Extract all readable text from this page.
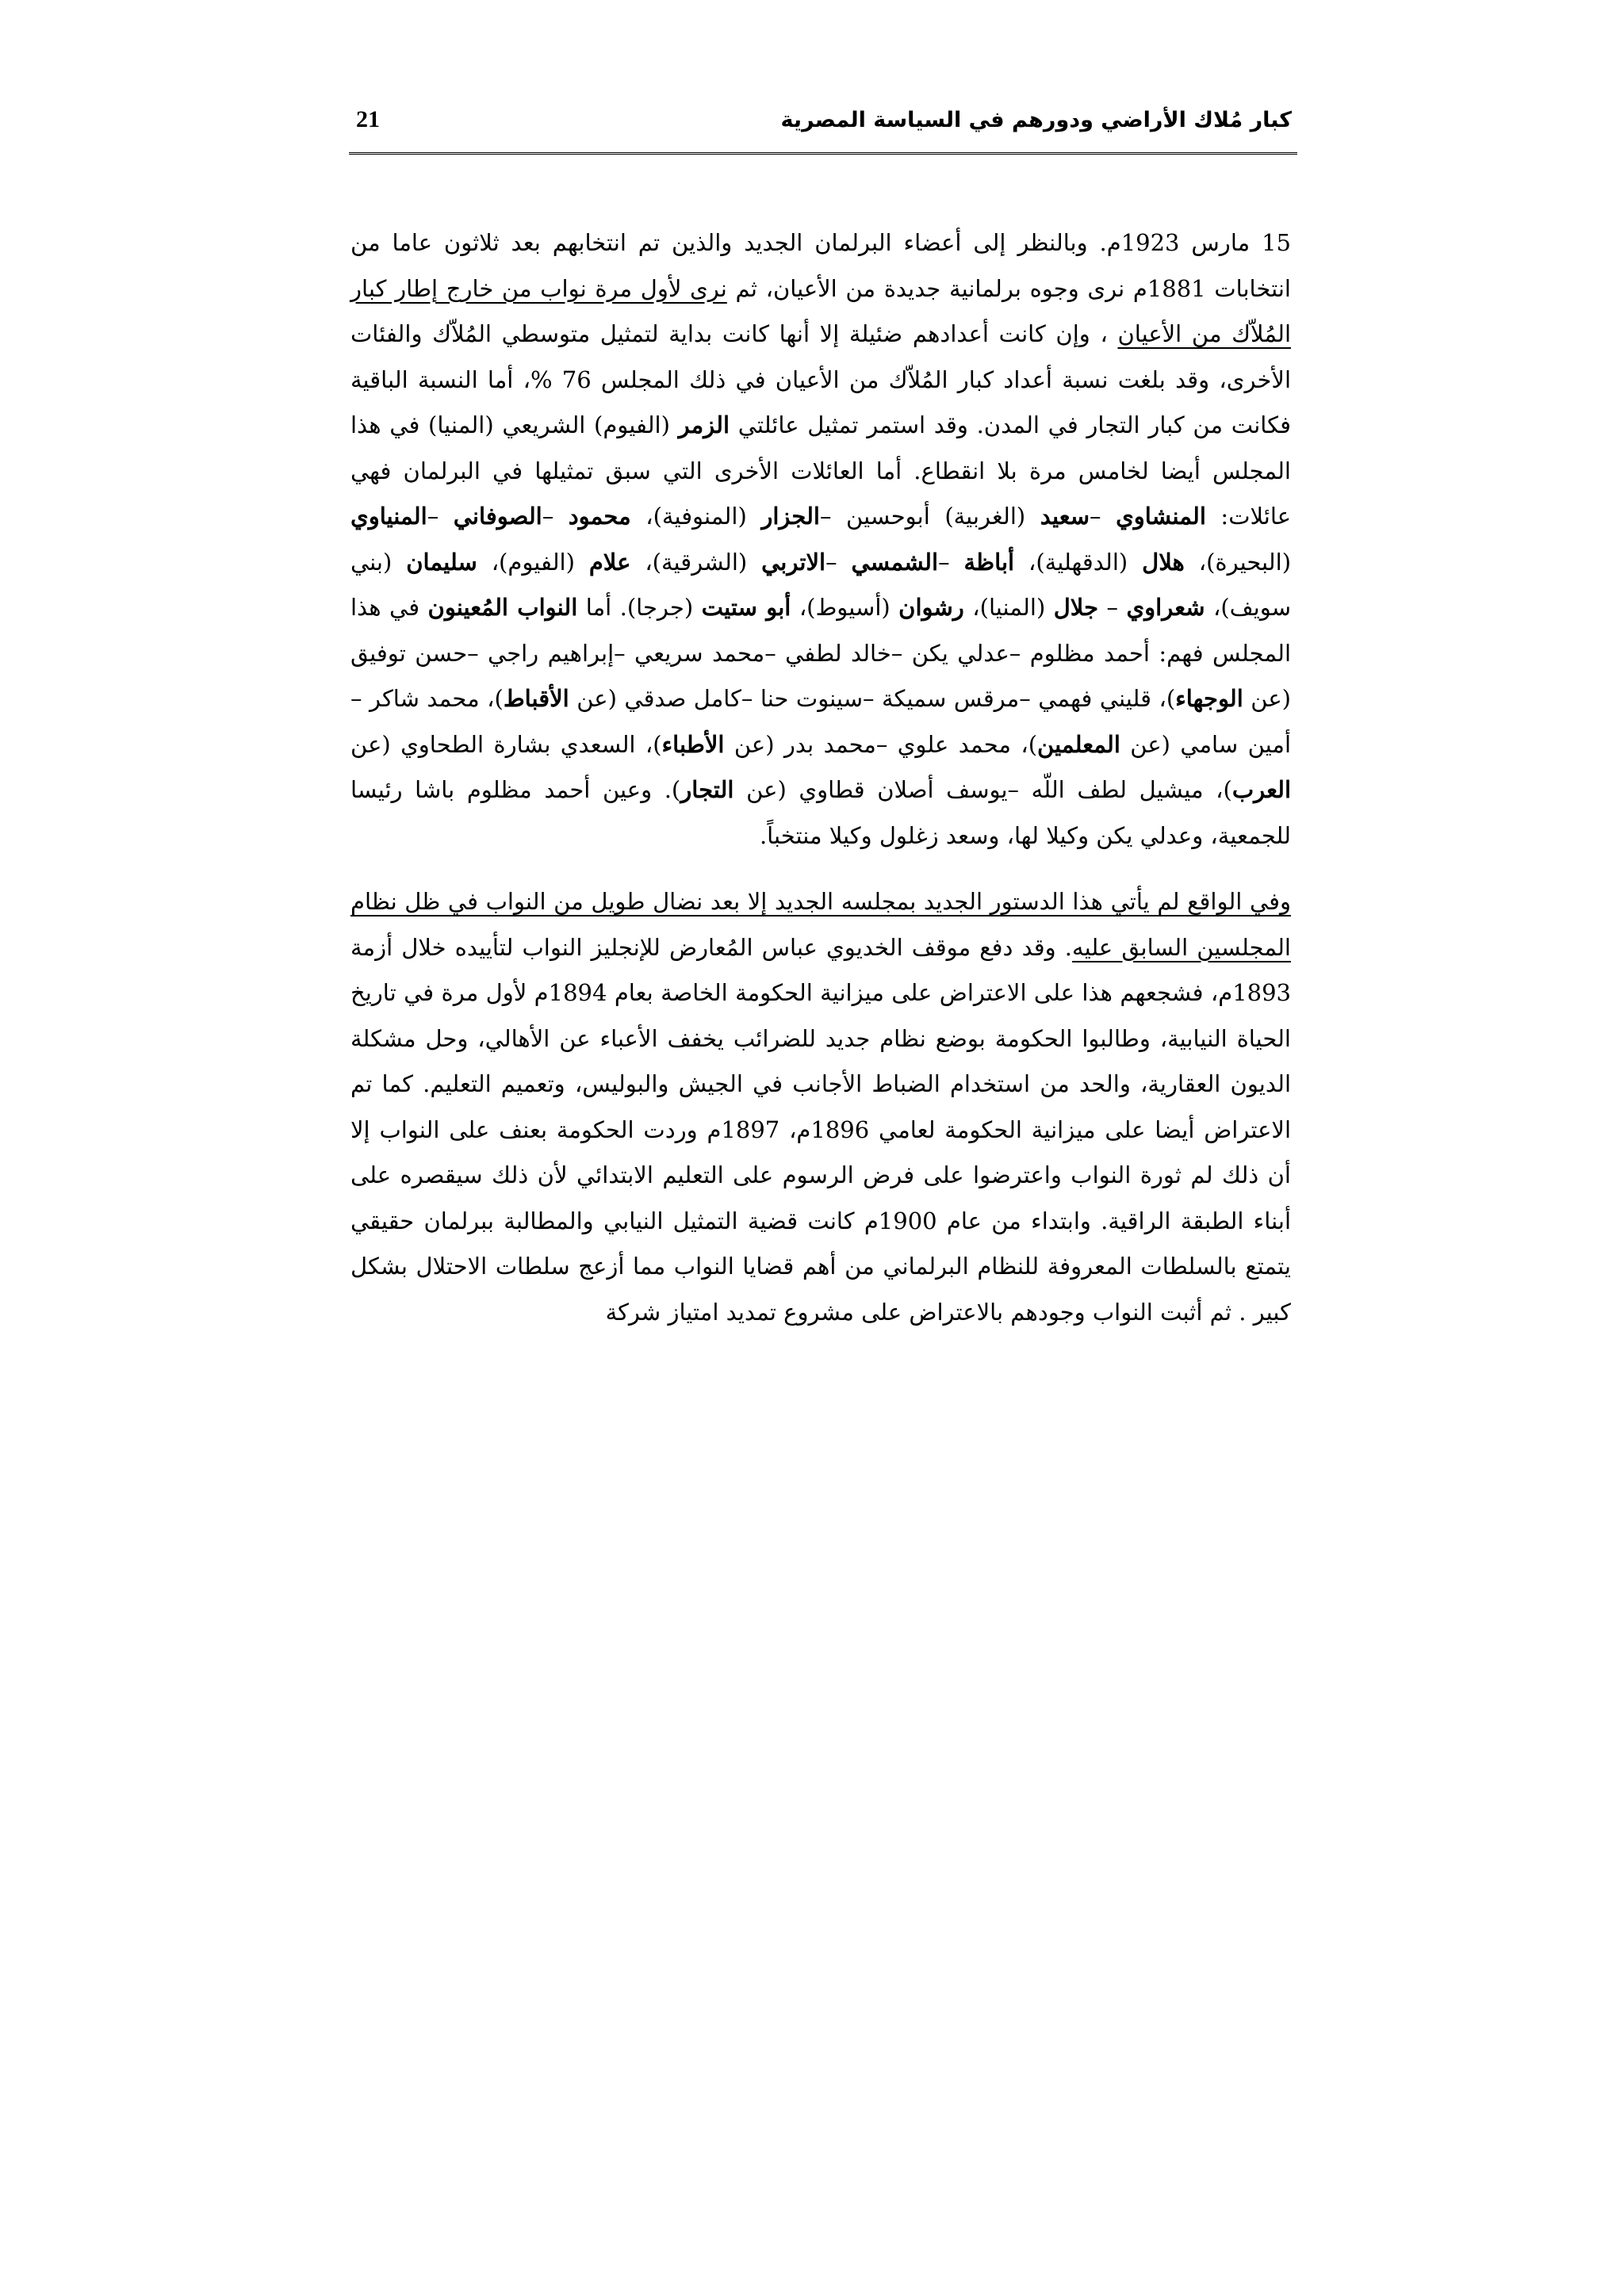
كبار مُلاك الأراضي ودورهم في السياسة المصرية
21

15 مارس 1923م. وبالنظر إلى أعضاء البرلمان الجديد والذين تم انتخابهم بعد ثلاثون عاما من انتخابات 1881م نرى وجوه برلمانية جديدة من الأعيان، ثم نرى لأول مرة نواب من خارج إطار كبار المُلاّك من الأعيان ، وإن كانت أعدادهم ضئيلة إلا أنها كانت بداية لتمثيل متوسطي المُلاّك والفئات الأخرى، وقد بلغت نسبة أعداد كبار المُلاّك من الأعيان في ذلك المجلس 76 %، أما النسبة الباقية فكانت من كبار التجار في المدن. وقد استمر تمثيل عائلتي الزمر (الفيوم) الشريعي (المنيا) في هذا المجلس أيضا لخامس مرة بلا انقطاع. أما العائلات الأخرى التي سبق تمثيلها في البرلمان فهي عائلات: المنشاوي –سعيد (الغربية) أبوحسين –الجزار (المنوفية)، محمود –الصوفاني –المنياوي (البحيرة)، هلال (الدقهلية)، أباظة –الشمسي –الاتربي (الشرقية)، علام (الفيوم)، سليمان (بني سويف)، شعراوي – جلال (المنيا)، رشوان (أسيوط)، أبو ستيت (جرجا). أما النواب المُعينون في هذا المجلس فهم: أحمد مظلوم –عدلي يكن –خالد لطفي –محمد سريعي –إبراهيم راجي –حسن توفيق (عن الوجهاء)، قليني فهمي –مرقس سميكة –سينوت حنا –كامل صدقي (عن الأقباط)، محمد شاكر –أمين سامي (عن المعلمين)، محمد علوي –محمد بدر (عن الأطباء)، السعدي بشارة الطحاوي (عن العرب)، ميشيل لطف اللّه –يوسف أصلان قطاوي (عن التجار). وعين أحمد مظلوم باشا رئيسا للجمعية، وعدلي يكن وكيلا لها، وسعد زغلول وكيلا منتخباً.

وفي الواقع لم يأتي هذا الدستور الجديد بمجلسه الجديد إلا بعد نضال طويل من النواب في ظل نظام المجلسين السابق عليه. وقد دفع موقف الخديوي عباس المُعارض للإنجليز النواب لتأييده خلال أزمة 1893م، فشجعهم هذا على الاعتراض على ميزانية الحكومة الخاصة بعام 1894م لأول مرة في تاريخ الحياة النيابية، وطالبوا الحكومة بوضع نظام جديد للضرائب يخفف الأعباء عن الأهالي، وحل مشكلة الديون العقارية، والحد من استخدام الضباط الأجانب في الجيش والبوليس، وتعميم التعليم. كما تم الاعتراض أيضا على ميزانية الحكومة لعامي 1896م، 1897م وردت الحكومة بعنف على النواب إلا أن ذلك لم ثورة النواب واعترضوا على فرض الرسوم على التعليم الابتدائي لأن ذلك سيقصره على أبناء الطبقة الراقية. وابتداء من عام 1900م كانت قضية التمثيل النيابي والمطالبة ببرلمان حقيقي يتمتع بالسلطات المعروفة للنظام البرلماني من أهم قضايا النواب مما أزعج سلطات الاحتلال بشكل كبير . ثم أثبت النواب وجودهم بالاعتراض على مشروع تمديد امتياز شركة
